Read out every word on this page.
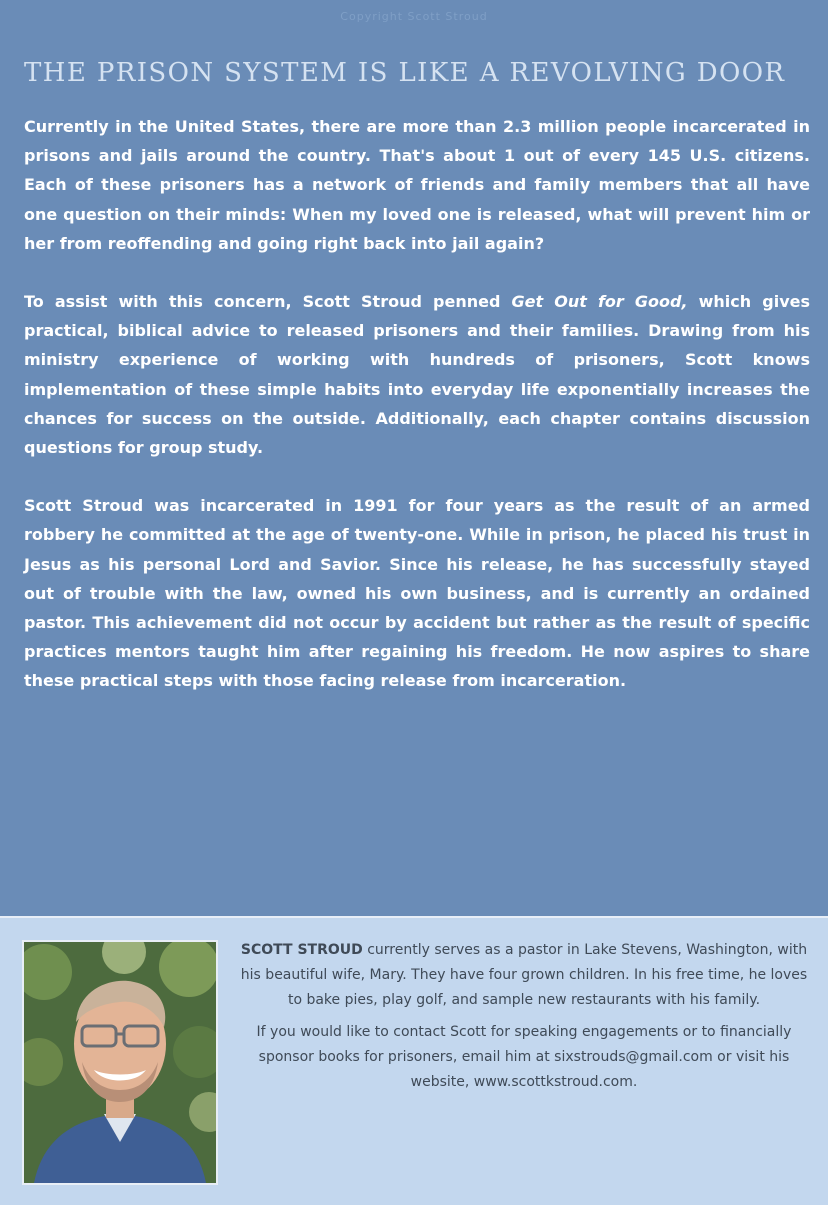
Copyright Scott Stroud
THE PRISON SYSTEM IS LIKE A REVOLVING DOOR

Currently in the United States, there are more than 2.3 million people incarcerated in prisons and jails around the country. That's about 1 out of every 145 U.S. citizens. Each of these prisoners has a network of friends and family members that all have one question on their minds: When my loved one is released, what will prevent him or her from reoffending and going right back into jail again?

To assist with this concern, Scott Stroud penned Get Out for Good, which gives practical, biblical advice to released prisoners and their families. Drawing from his ministry experience of working with hundreds of prisoners, Scott knows implementation of these simple habits into everyday life exponentially increases the chances for success on the outside. Additionally, each chapter contains discussion questions for group study.

Scott Stroud was incarcerated in 1991 for four years as the result of an armed robbery he committed at the age of twenty-one. While in prison, he placed his trust in Jesus as his personal Lord and Savior. Since his release, he has successfully stayed out of trouble with the law, owned his own business, and is currently an ordained pastor. This achievement did not occur by accident but rather as the result of specific practices mentors taught him after regaining his freedom. He now aspires to share these practical steps with those facing release from incarceration.

SCOTT STROUD currently serves as a pastor in Lake Stevens, Washington, with his beautiful wife, Mary. They have four grown children. In his free time, he loves to bake pies, play golf, and sample new restaurants with his family.

If you would like to contact Scott for speaking engagements or to financially sponsor books for prisoners, email him at sixstrouds@gmail.com or visit his website, www.scottkstroud.com.
